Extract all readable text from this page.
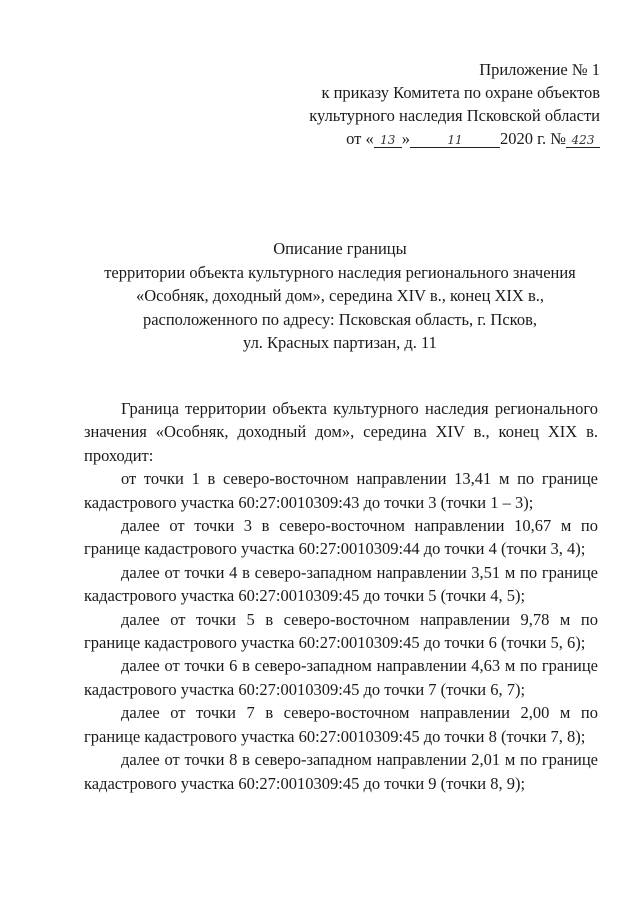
Приложение № 1
к приказу Комитета по охране объектов
культурного наследия Псковской области
от « 13 »	11 2020 г. № 423
Описание границы
территории объекта культурного наследия регионального значения
«Особняк, доходный дом», середина XIV в., конец XIX в.,
расположенного по адресу: Псковская область, г. Псков,
ул. Красных партизан, д. 11

Граница территории объекта культурного наследия регионального значения «Особняк, доходный дом», середина XIV в., конец XIX в. проходит:

от точки 1 в северо-восточном направлении 13,41 м по границе кадастрового участка 60:27:0010309:43 до точки 3 (точки 1 – 3);

далее от точки 3 в северо-восточном направлении 10,67 м по границе кадастрового участка 60:27:0010309:44 до точки 4 (точки 3, 4);

далее от точки 4 в северо-западном направлении 3,51 м по границе кадастрового участка 60:27:0010309:45 до точки 5 (точки 4, 5);

далее от точки 5 в северо-восточном направлении 9,78 м по границе кадастрового участка 60:27:0010309:45 до точки 6 (точки 5, 6);

далее от точки 6 в северо-западном направлении 4,63 м по границе кадастрового участка 60:27:0010309:45 до точки 7 (точки 6, 7);

далее от точки 7 в северо-восточном направлении 2,00 м по границе кадастрового участка 60:27:0010309:45 до точки 8 (точки 7, 8);

далее от точки 8 в северо-западном направлении 2,01 м по границе кадастрового участка 60:27:0010309:45 до точки 9 (точки 8, 9);
